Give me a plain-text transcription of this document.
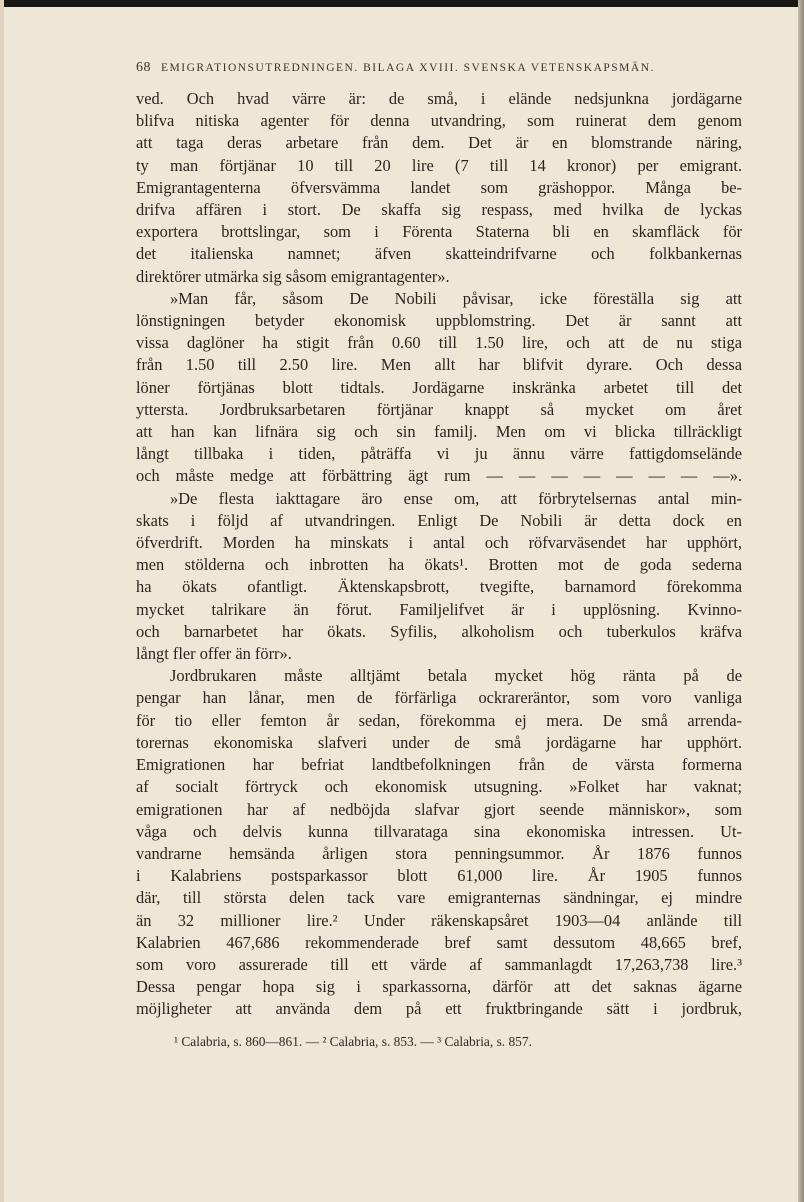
68 EMIGRATIONSUTREDNINGEN. BILAGA XVIII. SVENSKA VETENSKAPSMÄN.
ved. Och hvad värre är: de små, i elände nedsjunkna jordägarne
blifva nitiska agenter för denna utvandring, som ruinerat dem genom
att taga deras arbetare från dem. Det är en blomstrande näring,
ty man förtjänar 10 till 20 lire (7 till 14 kronor) per emigrant.
Emigrantagenterna öfversvämma landet som gräshoppor. Många be-
drifva affären i stort. De skaffa sig respass, med hvilka de lyckas
exportera brottslingar, som i Förenta Staterna bli en skamfläck för
det italienska namnet; äfven skatteindrifvarne och folkbankernas
direktörer utmärka sig såsom emigrantagenter».
»Man får, såsom De Nobili påvisar, icke föreställa sig att
lönstigningen betyder ekonomisk uppblomstring. Det är sannt att
vissa daglöner ha stigit från 0.60 till 1.50 lire, och att de nu stiga
från 1.50 till 2.50 lire. Men allt har blifvit dyrare. Och dessa
löner förtjänas blott tidtals. Jordägarne inskränka arbetet till det
yttersta. Jordbruksarbetaren förtjänar knappt så mycket om året
att han kan lifnära sig och sin familj. Men om vi blicka tillräckligt
långt tillbaka i tiden, påträffa vi ju ännu värre fattigdomselände
och måste medge att förbättring ägt rum — — — — — — — —».
»De flesta iakttagare äro ense om, att förbrytelsernas antal min-
skats i följd af utvandringen. Enligt De Nobili är detta dock en
öfverdrift. Morden ha minskats i antal och röfvarväsendet har upphört,
men stölderna och inbrotten ha ökats¹. Brotten mot de goda sederna
ha ökats ofantligt. Äktenskapsbrott, tvegifte, barnamord förekomma
mycket talrikare än förut. Familjelifvet är i upplösning. Kvinno-
och barnarbetet har ökats. Syfilis, alkoholism och tuberkulos kräfva
långt fler offer än förr».
Jordbrukaren måste alltjämt betala mycket hög ränta på de
pengar han lånar, men de förfärliga ockrareräntor, som voro vanliga
för tio eller femton år sedan, förekomma ej mera. De små arrenda-
torernas ekonomiska slafveri under de små jordägarne har upphört.
Emigrationen har befriat landtbefolkningen från de värsta formerna
af socialt förtryck och ekonomisk utsugning. »Folket har vaknat;
emigrationen har af nedböjda slafvar gjort seende människor», som
våga och delvis kunna tillvarataga sina ekonomiska intressen. Ut-
vandrarne hemsända årligen stora penningsummor. År 1876 funnos
i Kalabriens postsparkassor blott 61,000 lire. År 1905 funnos
där, till största delen tack vare emigranternas sändningar, ej mindre
än 32 millioner lire.² Under räkenskapsåret 1903—04 anlände till
Kalabrien 467,686 rekommenderade bref samt dessutom 48,665 bref,
som voro assurerade till ett värde af sammanlagdt 17,263,738 lire.³
Dessa pengar hopa sig i sparkassorna, därför att det saknas ägarne
möjligheter att använda dem på ett fruktbringande sätt i jordbruk,
¹ Calabria, s. 860—861. — ² Calabria, s. 853. — ³ Calabria, s. 857.
